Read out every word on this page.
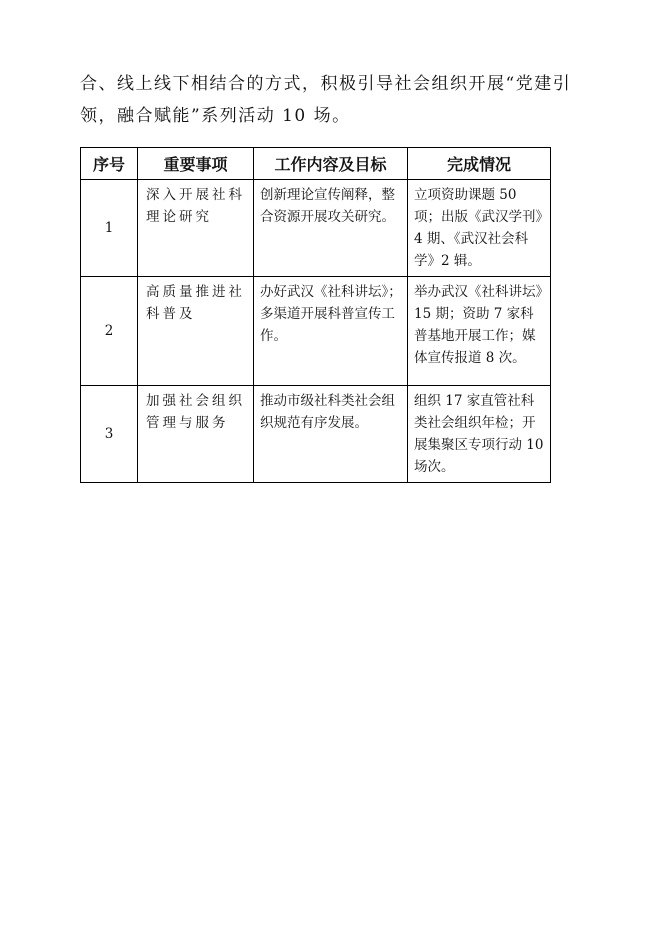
合、线上线下相结合的方式，积极引导社会组织开展“党建引
领，融合赋能”系列活动 10 场。

序号	重要事项	工作内容及目标	完成情况
1	深入开展社科理论研究	创新理论宣传阐释，整合资源开展攻关研究。	立项资助课题 50 项；出版《武汉学刊》4 期、《武汉社会科学》2 辑。
2	高质量推进社科普及	办好武汉《社科讲坛》；多渠道开展科普宣传工作。	举办武汉《社科讲坛》15 期；资助 7 家科普基地开展工作；媒体宣传报道 8 次。
3	加强社会组织管理与服务	推动市级社科类社会组织规范有序发展。	组织 17 家直管社科类社会组织年检；开展集聚区专项行动 10 场次。
